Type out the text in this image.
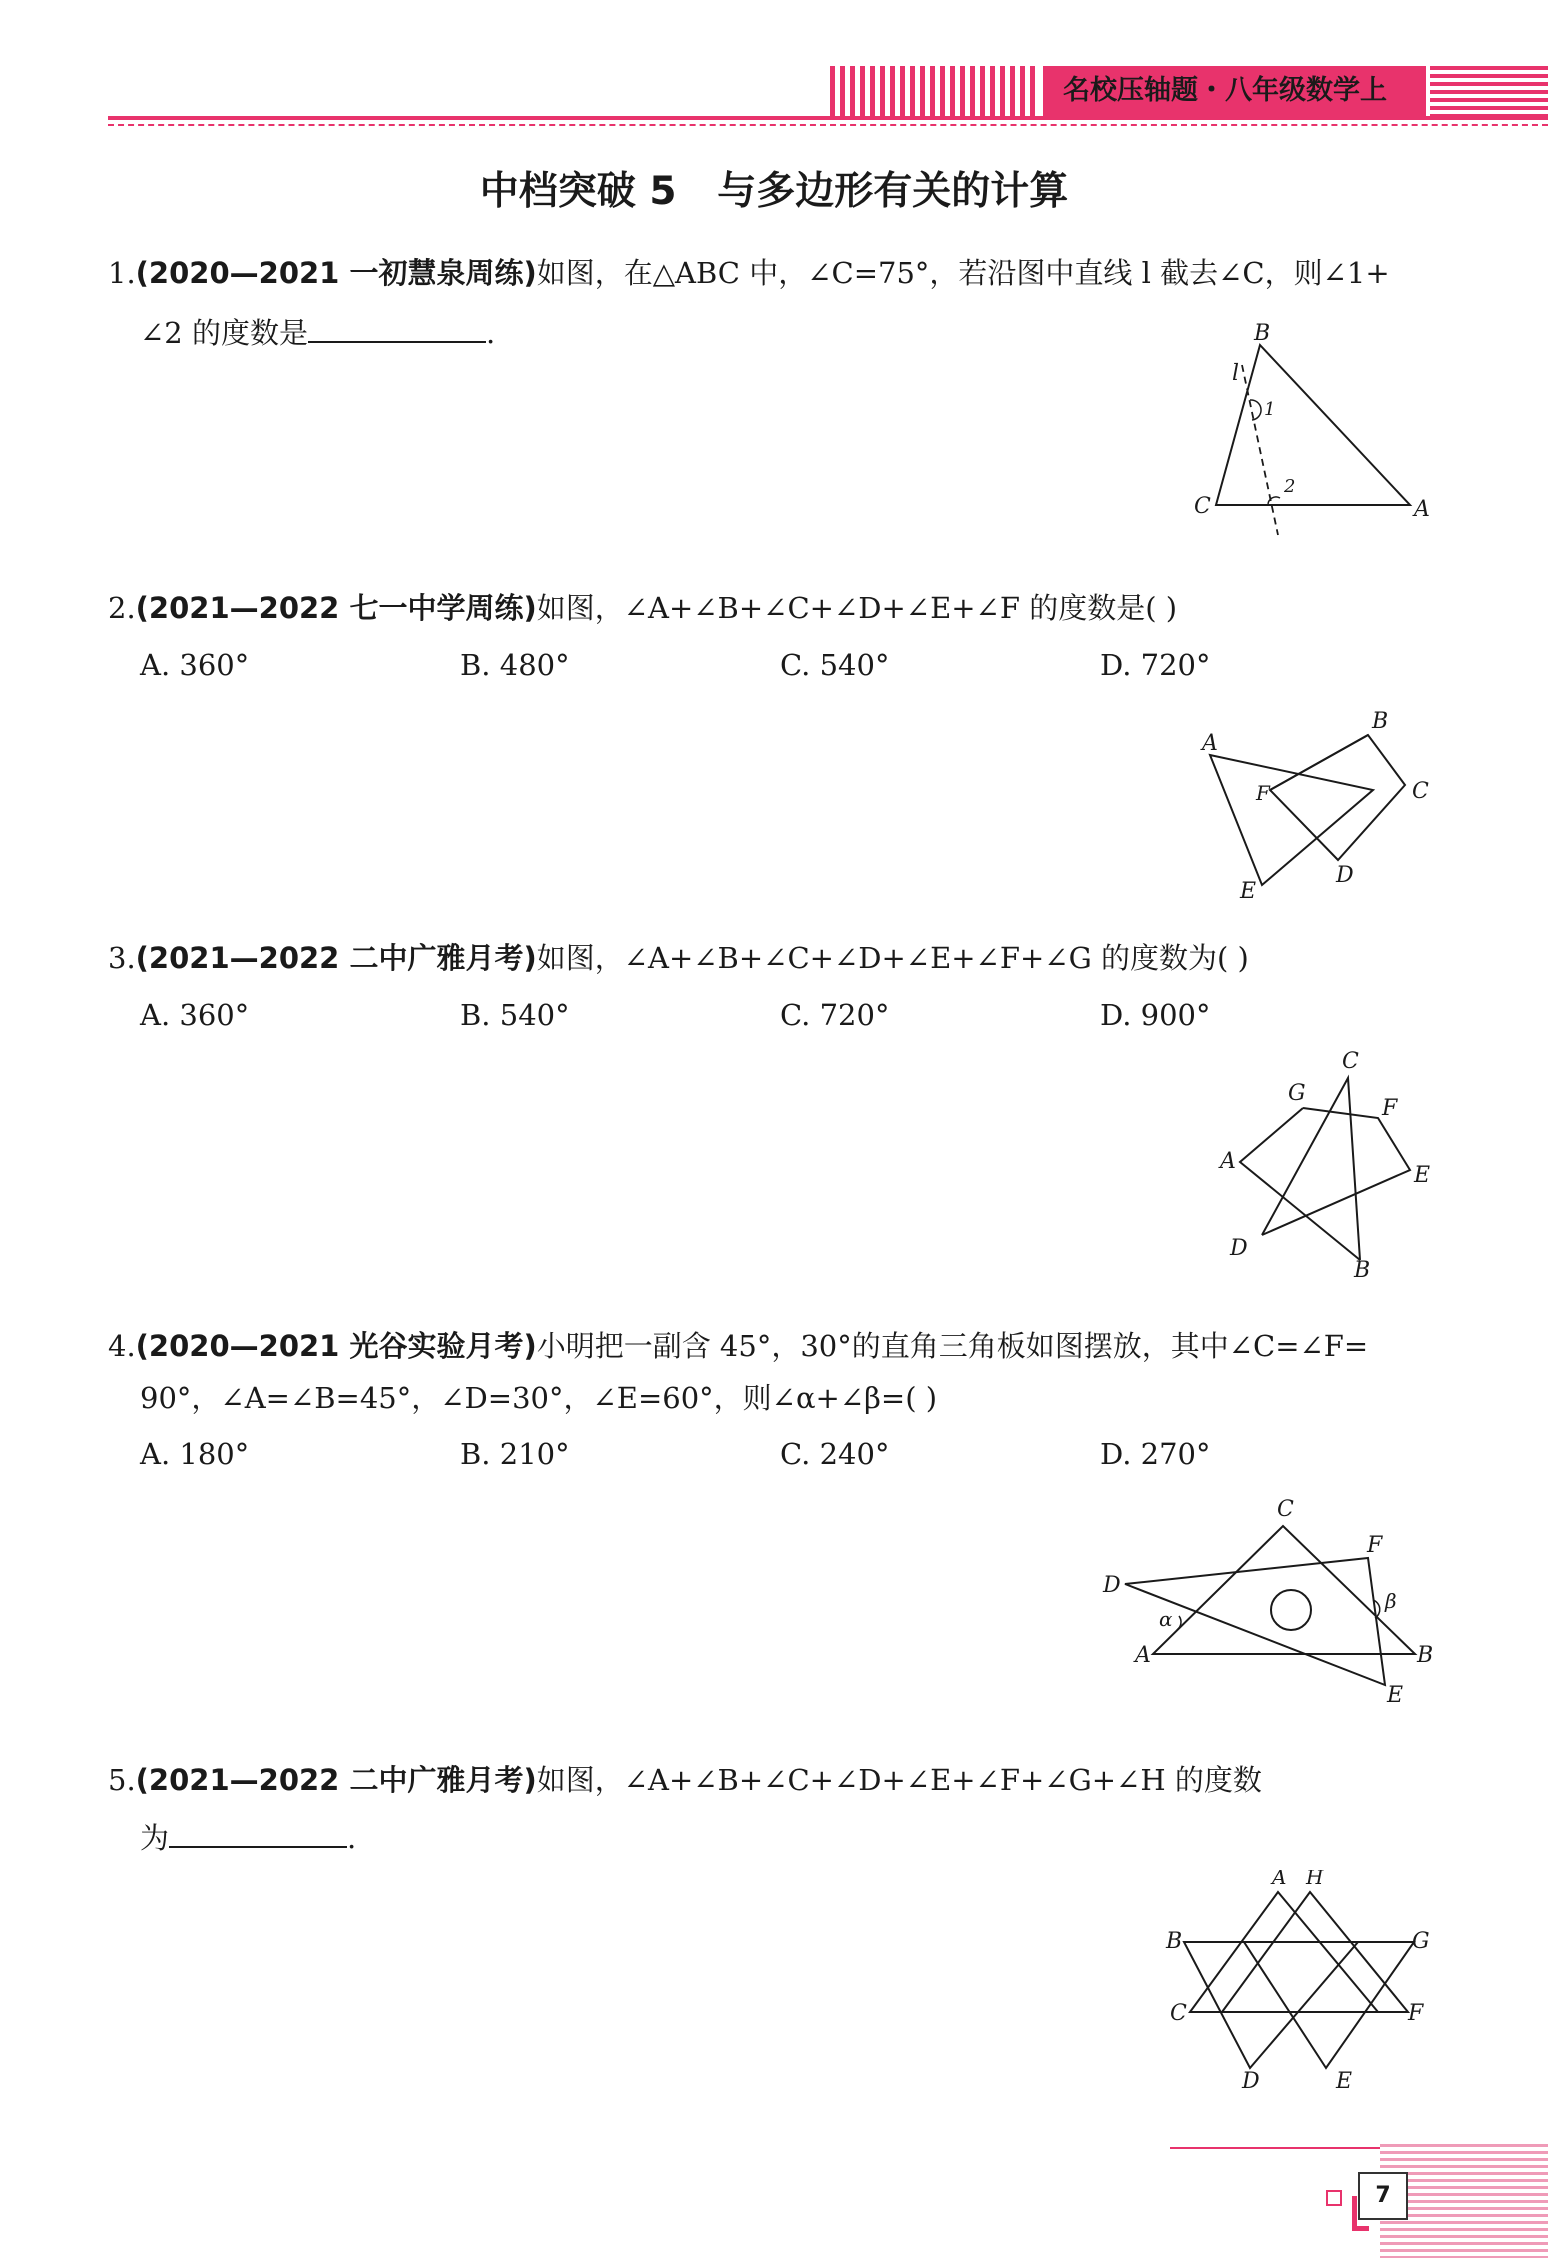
名校压轴题・八年级数学上
中档突破 5   与多边形有关的计算
1.(2020—2021 一初慧泉周练)如图，在△ABC 中，∠C=75°，若沿图中直线 l 截去∠C，则∠1+
∠2 的度数是	.	B
l
1
2
C	A
2.(2021—2022 七一中学周练)如图，∠A+∠B+∠C+∠D+∠E+∠F 的度数是( )
A. 360°	B. 480°	C. 540°	D. 720°
A
B
C
F
E
D
3.(2021—2022 二中广雅月考)如图，∠A+∠B+∠C+∠D+∠E+∠F+∠G 的度数为( )
A. 360°	B. 540°	C. 720°	D. 900°
C
G
F
A
E
D
B
4.(2020—2021 光谷实验月考)小明把一副含 45°，30°的直角三角板如图摆放，其中∠C=∠F=
90°，∠A=∠B=45°，∠D=30°，∠E=60°，则∠α+∠β=( )
A. 180°	B. 210°	C. 240°	D. 270°
C
F
D
β
α
A	B
E
5.(2021—2022 二中广雅月考)如图，∠A+∠B+∠C+∠D+∠E+∠F+∠G+∠H 的度数
为	.
A H
B	G
C	F
D	E
7
